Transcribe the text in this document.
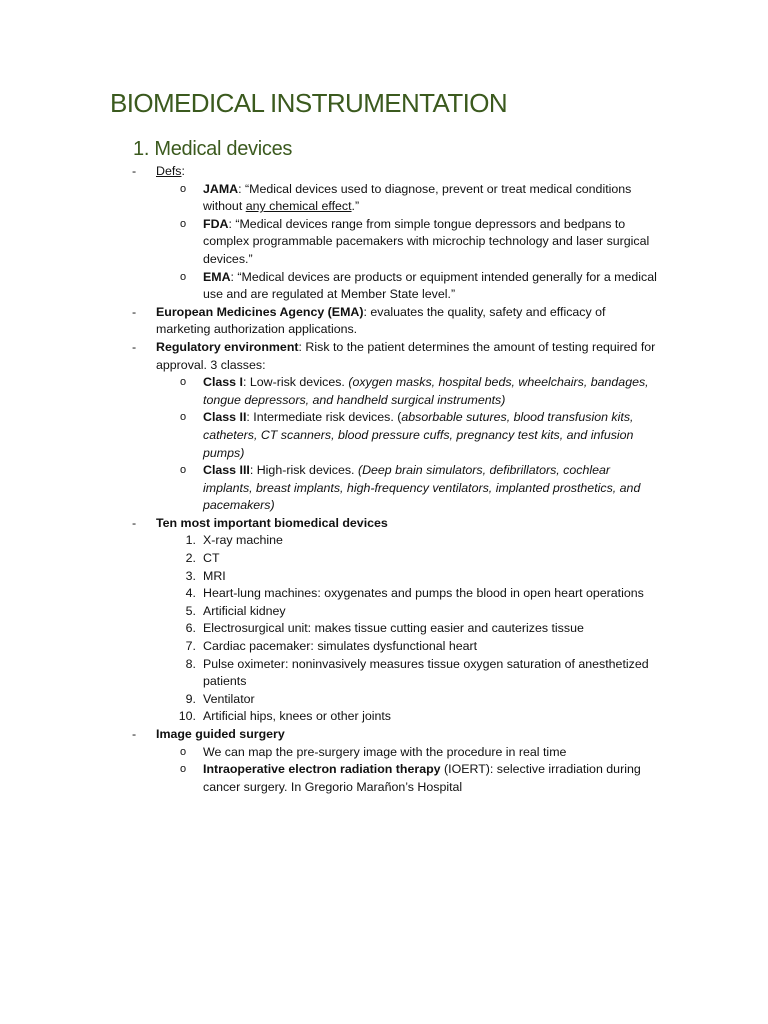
BIOMEDICAL INSTRUMENTATION
1. Medical devices
- Defs:
o JAMA: “Medical devices used to diagnose, prevent or treat medical conditions without any chemical effect.”
o FDA: “Medical devices range from simple tongue depressors and bedpans to complex programmable pacemakers with microchip technology and laser surgical devices.”
o EMA: “Medical devices are products or equipment intended generally for a medical use and are regulated at Member State level.”
- European Medicines Agency (EMA): evaluates the quality, safety and efficacy of marketing authorization applications.
- Regulatory environment: Risk to the patient determines the amount of testing required for approval. 3 classes:
o Class I: Low-risk devices. (oxygen masks, hospital beds, wheelchairs, bandages, tongue depressors, and handheld surgical instruments)
o Class II: Intermediate risk devices. (absorbable sutures, blood transfusion kits, catheters, CT scanners, blood pressure cuffs, pregnancy test kits, and infusion pumps)
o Class III: High-risk devices. (Deep brain simulators, defibrillators, cochlear implants, breast implants, high-frequency ventilators, implanted prosthetics, and pacemakers)
- Ten most important biomedical devices
1. X-ray machine
2. CT
3. MRI
4. Heart-lung machines: oxygenates and pumps the blood in open heart operations
5. Artificial kidney
6. Electrosurgical unit: makes tissue cutting easier and cauterizes tissue
7. Cardiac pacemaker: simulates dysfunctional heart
8. Pulse oximeter: noninvasively measures tissue oxygen saturation of anesthetized patients
9. Ventilator
10. Artificial hips, knees or other joints
- Image guided surgery
o We can map the pre-surgery image with the procedure in real time
o Intraoperative electron radiation therapy (IOERT): selective irradiation during cancer surgery. In Gregorio Marañon’s Hospital
